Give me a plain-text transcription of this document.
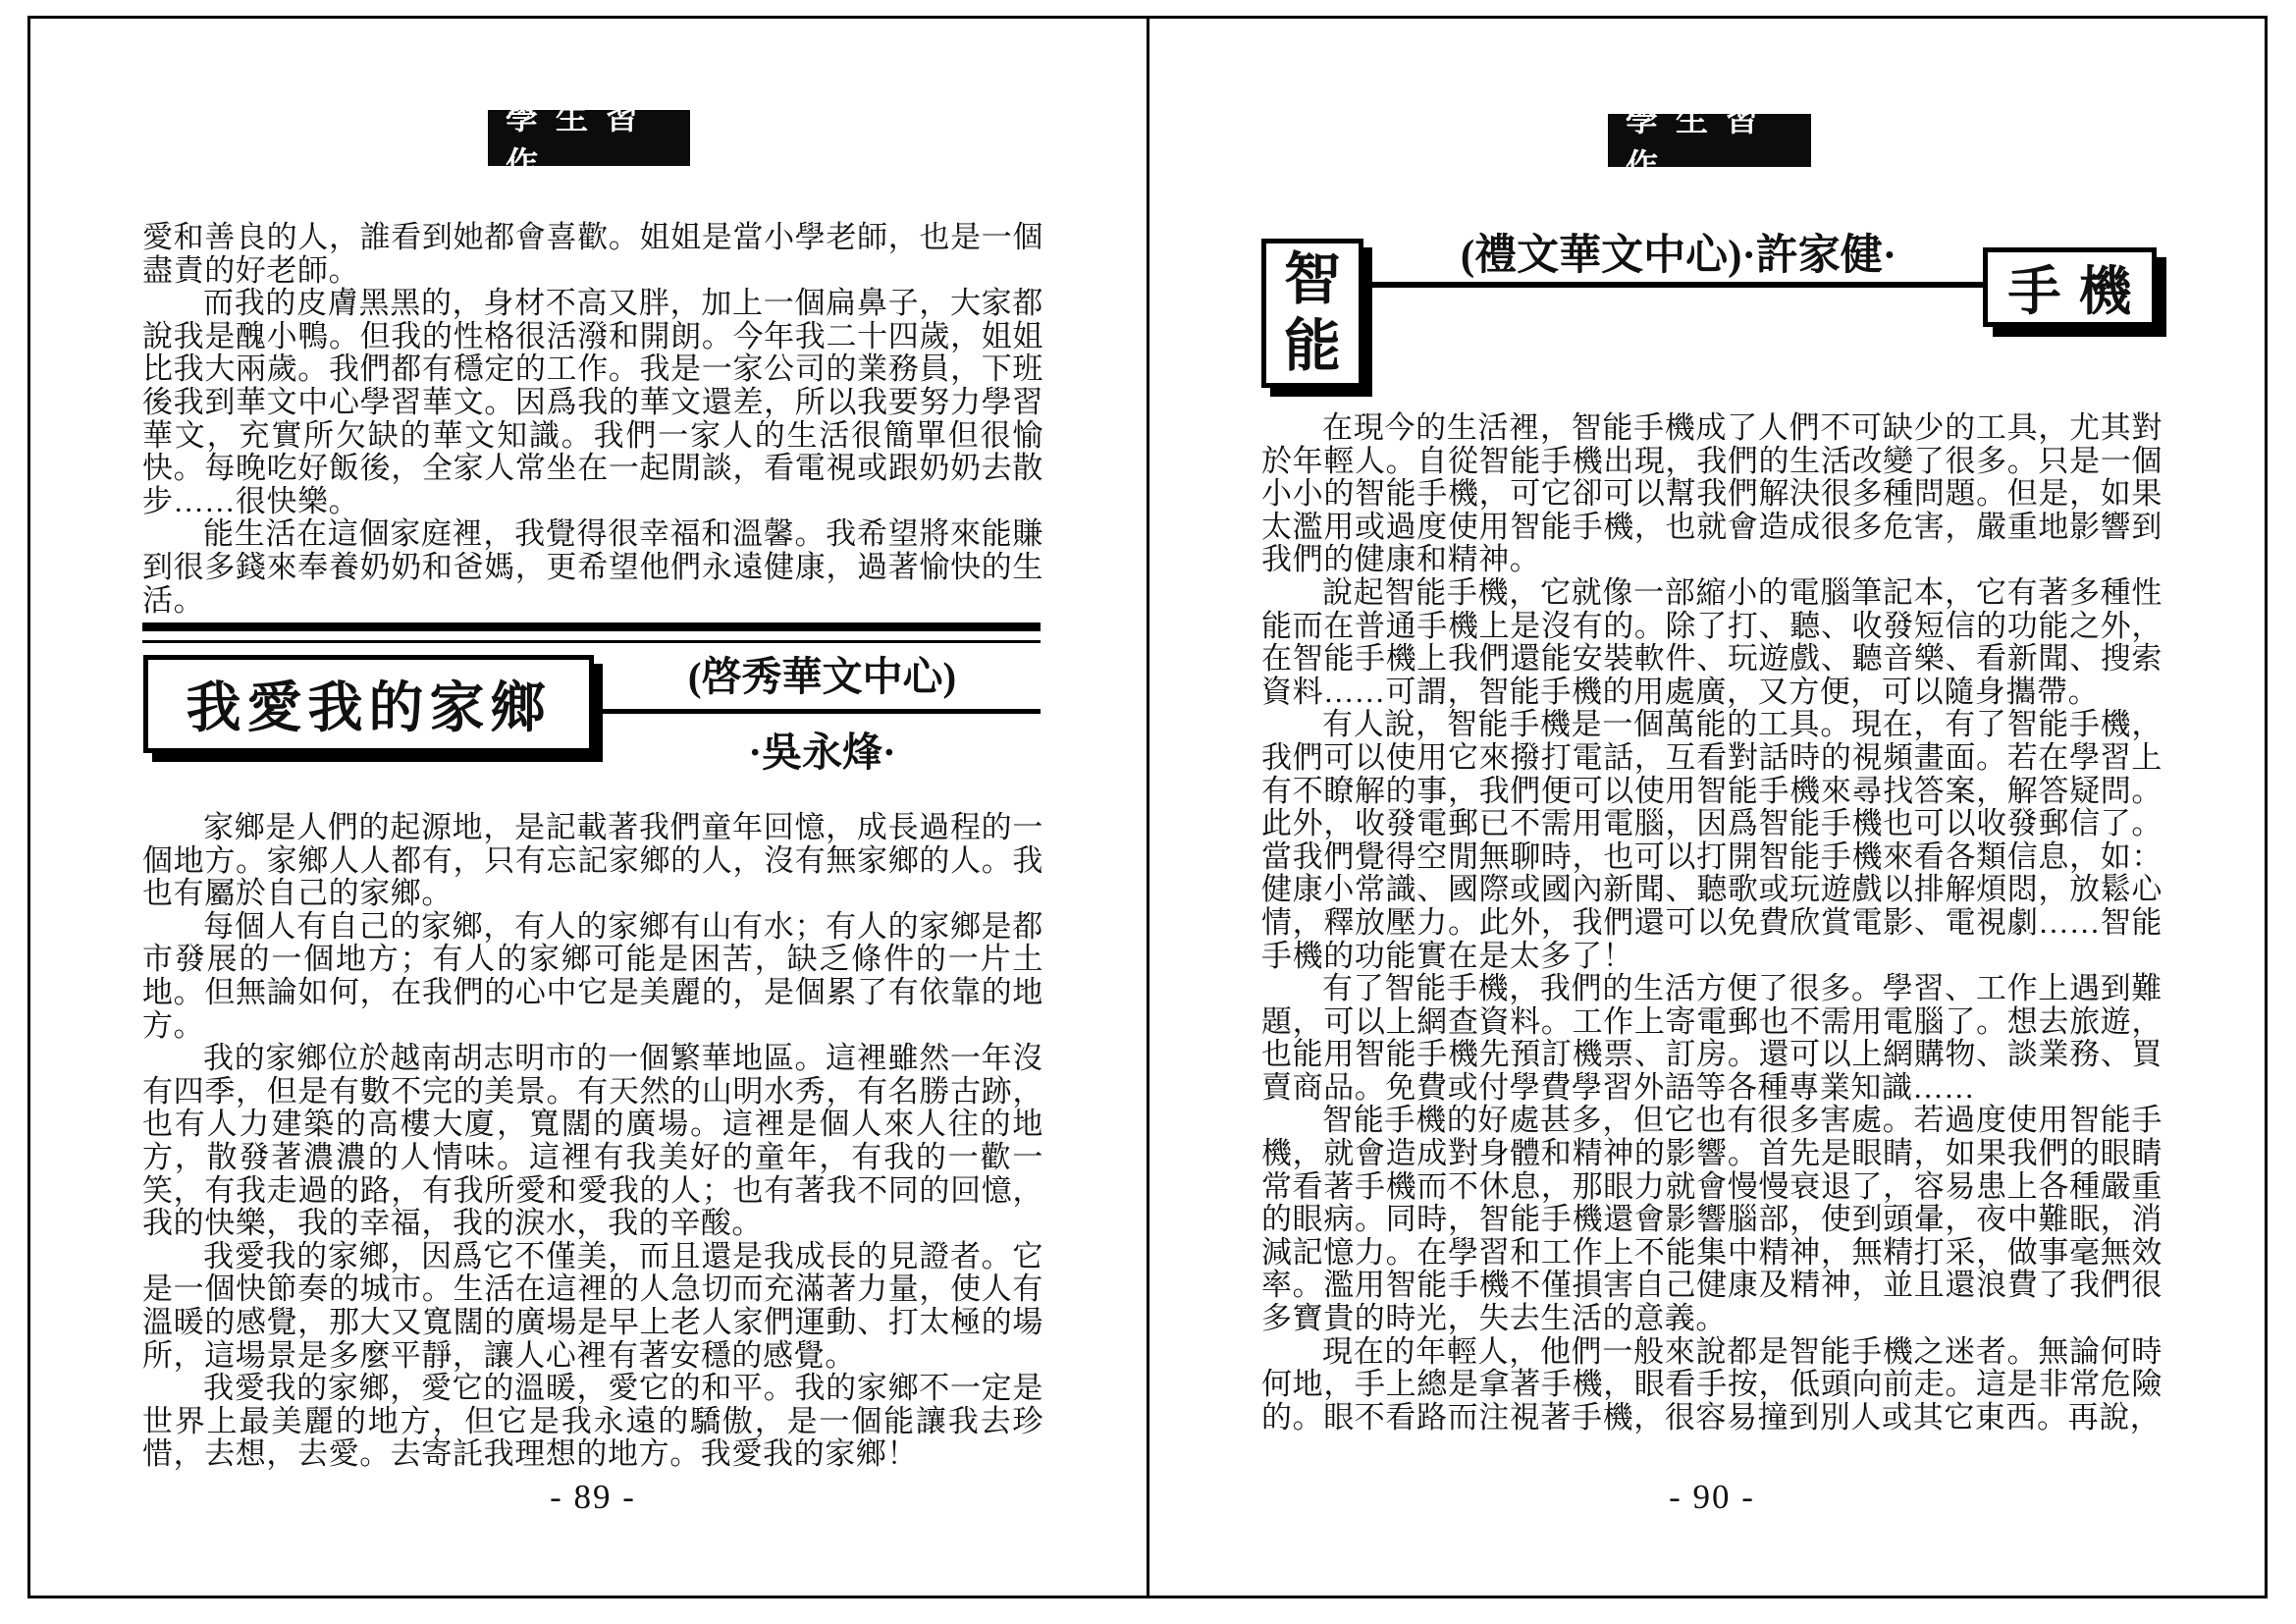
學生習作

愛和善良的人，誰看到她都會喜歡。姐姐是當小學老師，也是一個盡責的好老師。

而我的皮膚黑黑的，身材不高又胖，加上一個扁鼻子，大家都說我是醜小鴨。但我的性格很活潑和開朗。今年我二十四歲，姐姐比我大兩歲。我們都有穩定的工作。我是一家公司的業務員，下班後我到華文中心學習華文。因爲我的華文還差，所以我要努力學習華文，充實所欠缺的華文知識。我們一家人的生活很簡單但很愉快。每晚吃好飯後，全家人常坐在一起閒談，看電視或跟奶奶去散步……很快樂。

能生活在這個家庭裡，我覺得很幸福和溫馨。我希望將來能賺到很多錢來奉養奶奶和爸媽，更希望他們永遠健康，過著愉快的生活。

我愛我的家鄉	(啓秀華文中心)
·吳永烽·

家鄉是人們的起源地，是記載著我們童年回憶，成長過程的一個地方。家鄉人人都有，只有忘記家鄉的人，沒有無家鄉的人。我也有屬於自己的家鄉。

每個人有自己的家鄉，有人的家鄉有山有水；有人的家鄉是都市發展的一個地方；有人的家鄉可能是困苦，缺乏條件的一片土地。但無論如何，在我們的心中它是美麗的，是個累了有依靠的地方。

我的家鄉位於越南胡志明市的一個繁華地區。這裡雖然一年沒有四季，但是有數不完的美景。有天然的山明水秀，有名勝古跡，也有人力建築的高樓大廈，寬闊的廣場。這裡是個人來人往的地方，散發著濃濃的人情味。這裡有我美好的童年，有我的一歡一笑，有我走過的路，有我所愛和愛我的人；也有著我不同的回憶，我的快樂，我的幸福，我的淚水，我的辛酸。

我愛我的家鄉，因爲它不僅美，而且還是我成長的見證者。它是一個快節奏的城市。生活在這裡的人急切而充滿著力量，使人有溫暖的感覺，那大又寬闊的廣場是早上老人家們運動、打太極的場所，這場景是多麼平靜，讓人心裡有著安穩的感覺。

我愛我的家鄉，愛它的溫暖，愛它的和平。我的家鄉不一定是世界上最美麗的地方，但它是我永遠的驕傲，是一個能讓我去珍惜，去想，去愛。去寄託我理想的地方。我愛我的家鄉！

- 89 -
學生習作
智
能
手機
(禮文華文中心)·許家健·

在現今的生活裡，智能手機成了人們不可缺少的工具，尤其對於年輕人。自從智能手機出現，我們的生活改變了很多。只是一個小小的智能手機，可它卻可以幫我們解決很多種問題。但是，如果太濫用或過度使用智能手機，也就會造成很多危害，嚴重地影響到我們的健康和精神。

說起智能手機，它就像一部縮小的電腦筆記本，它有著多種性能而在普通手機上是沒有的。除了打、聽、收發短信的功能之外，在智能手機上我們還能安裝軟件、玩遊戲、聽音樂、看新聞、搜索資料……可謂，智能手機的用處廣，又方便，可以隨身攜帶。

有人說，智能手機是一個萬能的工具。現在，有了智能手機，我們可以使用它來撥打電話，互看對話時的視頻畫面。若在學習上有不瞭解的事，我們便可以使用智能手機來尋找答案，解答疑問。此外，收發電郵已不需用電腦，因爲智能手機也可以收發郵信了。當我們覺得空閒無聊時，也可以打開智能手機來看各類信息，如：健康小常識、國際或國內新聞、聽歌或玩遊戲以排解煩悶，放鬆心情，釋放壓力。此外，我們還可以免費欣賞電影、電視劇……智能手機的功能實在是太多了！

有了智能手機，我們的生活方便了很多。學習、工作上遇到難題，可以上網查資料。工作上寄電郵也不需用電腦了。想去旅遊，也能用智能手機先預訂機票、訂房。還可以上網購物、談業務、買賣商品。免費或付學費學習外語等各種專業知識……

智能手機的好處甚多，但它也有很多害處。若過度使用智能手機，就會造成對身體和精神的影響。首先是眼睛，如果我們的眼睛常看著手機而不休息，那眼力就會慢慢衰退了，容易患上各種嚴重的眼病。同時，智能手機還會影響腦部，使到頭暈，夜中難眠，消減記憶力。在學習和工作上不能集中精神，無精打采，做事毫無效率。濫用智能手機不僅損害自己健康及精神，並且還浪費了我們很多寶貴的時光，失去生活的意義。

現在的年輕人，他們一般來說都是智能手機之迷者。無論何時何地，手上總是拿著手機，眼看手按，低頭向前走。這是非常危險的。眼不看路而注視著手機，很容易撞到別人或其它東西。再說，

- 90 -
